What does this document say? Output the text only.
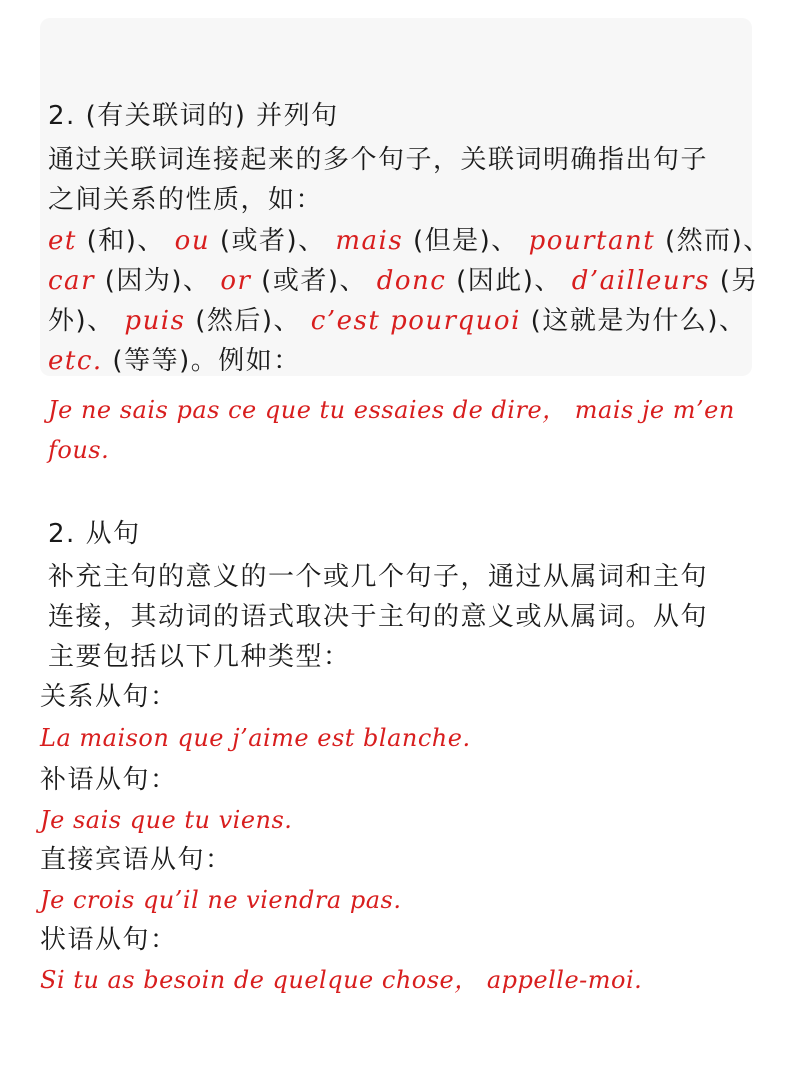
2. (有关联词的) 并列句

通过关联词连接起来的多个句子，关联词明确指出句子

之间关系的性质，如：

et (和)、 ou (或者)、 mais (但是)、 pourtant (然而)、

car (因为)、 or (或者)、 donc (因此)、 d’ailleurs (另

外)、 puis (然后)、 c’est pourquoi (这就是为什么)、

etc. (等等)。例如：

Je ne sais pas ce que tu essaies de dire， mais je m’en

fous.

2. 从句

补充主句的意义的一个或几个句子，通过从属词和主句

连接，其动词的语式取决于主句的意义或从属词。从句

主要包括以下几种类型：

关系从句：

La maison que j’aime est blanche.

补语从句：

Je sais que tu viens.

直接宾语从句：

Je crois qu’il ne viendra pas.

状语从句：

Si tu as besoin de quelque chose， appelle-moi.
